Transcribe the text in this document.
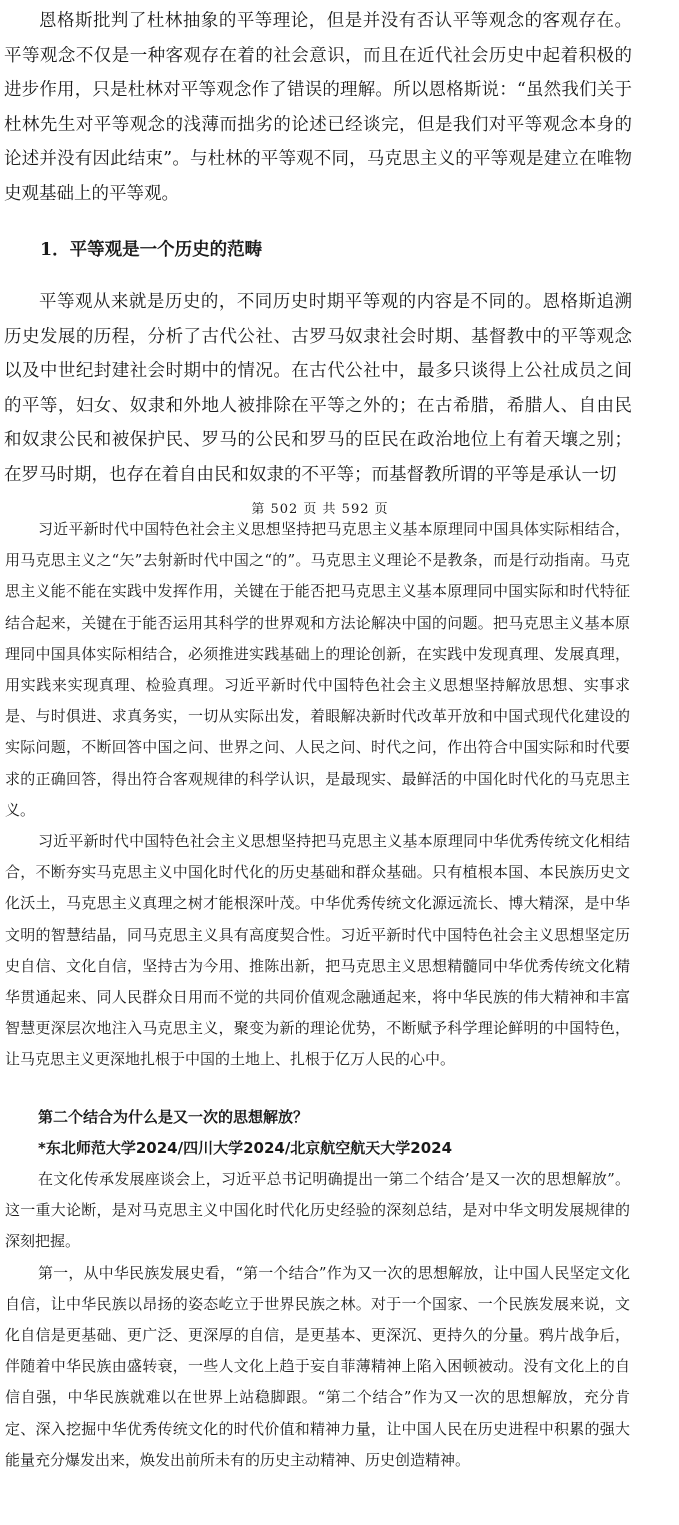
恩格斯批判了杜林抽象的平等理论，但是并没有否认平等观念的客观存在。平等观念不仅是一种客观存在着的社会意识，而且在近代社会历史中起着积极的进步作用，只是杜林对平等观念作了错误的理解。所以恩格斯说：“虽然我们关于杜林先生对平等观念的浅薄而拙劣的论述已经谈完，但是我们对平等观念本身的论述并没有因此结束”。与杜林的平等观不同，马克思主义的平等观是建立在唯物史观基础上的平等观。

1．平等观是一个历史的范畴

平等观从来就是历史的，不同历史时期平等观的内容是不同的。恩格斯追溯历史发展的历程，分析了古代公社、古罗马奴隶社会时期、基督教中的平等观念以及中世纪封建社会时期中的情况。在古代公社中，最多只谈得上公社成员之间的平等，妇女、奴隶和外地人被排除在平等之外的；在古希腊，希腊人、自由民和奴隶公民和被保护民、罗马的公民和罗马的臣民在政治地位上有着天壤之别；在罗马时期，也存在着自由民和奴隶的不平等；而基督教所谓的平等是承认一切

第 502 页 共 592 页

习近平新时代中国特色社会主义思想坚持把马克思主义基本原理同中国具体实际相结合，用马克思主义之“矢”去射新时代中国之“的”。马克思主义理论不是教条，而是行动指南。马克思主义能不能在实践中发挥作用，关键在于能否把马克思主义基本原理同中国实际和时代特征结合起来，关键在于能否运用其科学的世界观和方法论解决中国的问题。把马克思主义基本原理同中国具体实际相结合，必须推进实践基础上的理论创新，在实践中发现真理、发展真理，用实践来实现真理、检验真理。习近平新时代中国特色社会主义思想坚持解放思想、实事求是、与时俱进、求真务实，一切从实际出发，着眼解决新时代改革开放和中国式现代化建设的实际问题，不断回答中国之问、世界之问、人民之问、时代之问，作出符合中国实际和时代要求的正确回答，得出符合客观规律的科学认识，是最现实、最鲜活的中国化时代化的马克思主义。

习近平新时代中国特色社会主义思想坚持把马克思主义基本原理同中华优秀传统文化相结合，不断夯实马克思主义中国化时代化的历史基础和群众基础。只有植根本国、本民族历史文化沃土，马克思主义真理之树才能根深叶茂。中华优秀传统文化源远流长、博大精深，是中华文明的智慧结晶，同马克思主义具有高度契合性。习近平新时代中国特色社会主义思想坚定历史自信、文化自信，坚持古为今用、推陈出新，把马克思主义思想精髓同中华优秀传统文化精华贯通起来、同人民群众日用而不觉的共同价值观念融通起来，将中华民族的伟大精神和丰富智慧更深层次地注入马克思主义，聚变为新的理论优势，不断赋予科学理论鲜明的中国特色，让马克思主义更深地扎根于中国的土地上、扎根于亿万人民的心中。

第二个结合为什么是又一次的思想解放？

*东北师范大学2024/四川大学2024/北京航空航天大学2024

在文化传承发展座谈会上，习近平总书记明确提出一第二个结合’是又一次的思想解放”。这一重大论断，是对马克思主义中国化时代化历史经验的深刻总结，是对中华文明发展规律的深刻把握。

第一，从中华民族发展史看，“第一个结合”作为又一次的思想解放，让中国人民坚定文化自信，让中华民族以昂扬的姿态屹立于世界民族之林。对于一个国家、一个民族发展来说，文化自信是更基础、更广泛、更深厚的自信，是更基本、更深沉、更持久的分量。鸦片战争后，伴随着中华民族由盛转衰，一些人文化上趋于妄自菲薄精神上陷入困顿被动。没有文化上的自信自强，中华民族就难以在世界上站稳脚跟。“第二个结合”作为又一次的思想解放，充分肯定、深入挖掘中华优秀传统文化的时代价值和精神力量，让中国人民在历史进程中积累的强大能量充分爆发出来，焕发出前所未有的历史主动精神、历史创造精神。
